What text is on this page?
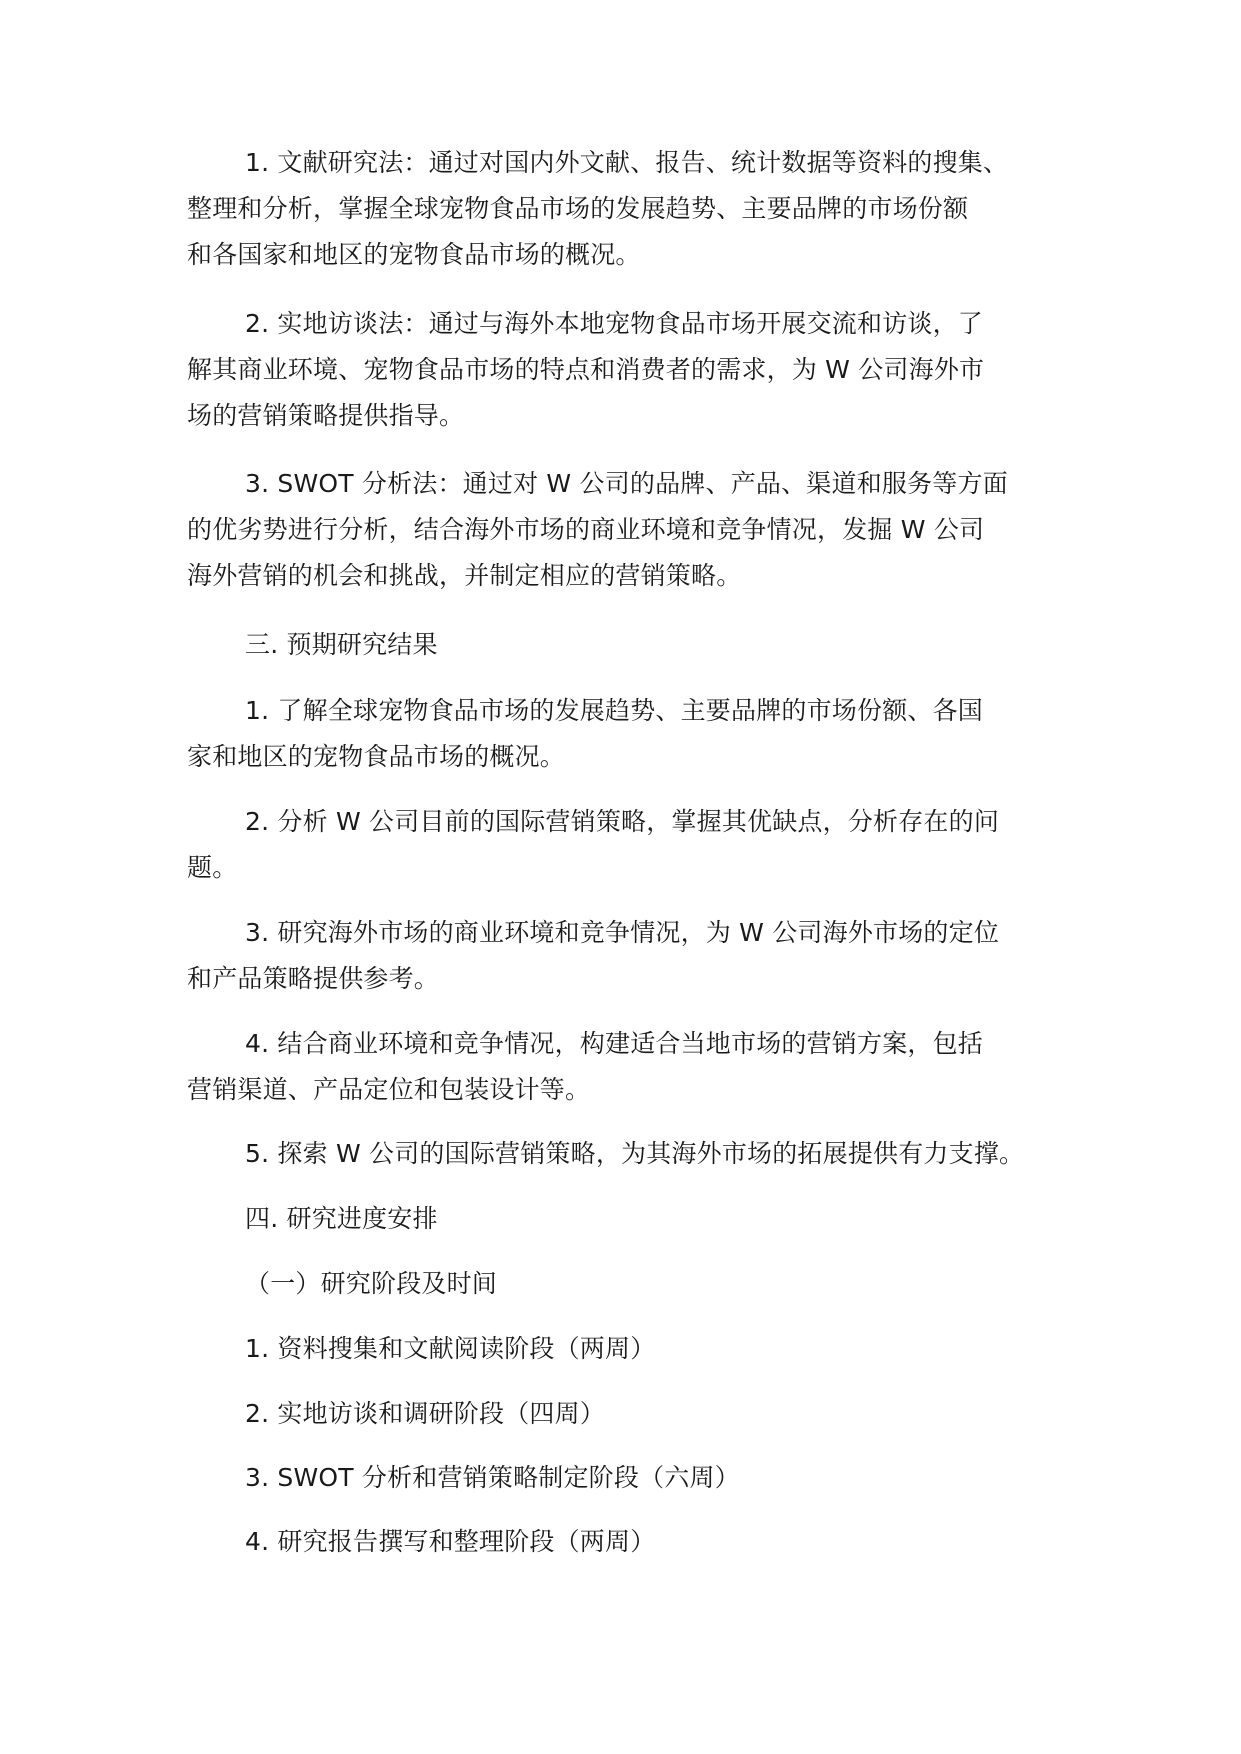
1. 文献研究法：通过对国内外文献、报告、统计数据等资料的搜集、
整理和分析，掌握全球宠物食品市场的发展趋势、主要品牌的市场份额
和各国家和地区的宠物食品市场的概况。

2. 实地访谈法：通过与海外本地宠物食品市场开展交流和访谈，了
解其商业环境、宠物食品市场的特点和消费者的需求，为 W 公司海外市
场的营销策略提供指导。

3. SWOT 分析法：通过对 W 公司的品牌、产品、渠道和服务等方面
的优劣势进行分析，结合海外市场的商业环境和竞争情况，发掘 W 公司
海外营销的机会和挑战，并制定相应的营销策略。

三. 预期研究结果

1. 了解全球宠物食品市场的发展趋势、主要品牌的市场份额、各国
家和地区的宠物食品市场的概况。

2. 分析 W 公司目前的国际营销策略，掌握其优缺点，分析存在的问
题。

3. 研究海外市场的商业环境和竞争情况，为 W 公司海外市场的定位
和产品策略提供参考。

4. 结合商业环境和竞争情况，构建适合当地市场的营销方案，包括
营销渠道、产品定位和包装设计等。

5. 探索 W 公司的国际营销策略，为其海外市场的拓展提供有力支撑。

四. 研究进度安排

（一）研究阶段及时间

1. 资料搜集和文献阅读阶段（两周）

2. 实地访谈和调研阶段（四周）

3. SWOT 分析和营销策略制定阶段（六周）

4. 研究报告撰写和整理阶段（两周）
